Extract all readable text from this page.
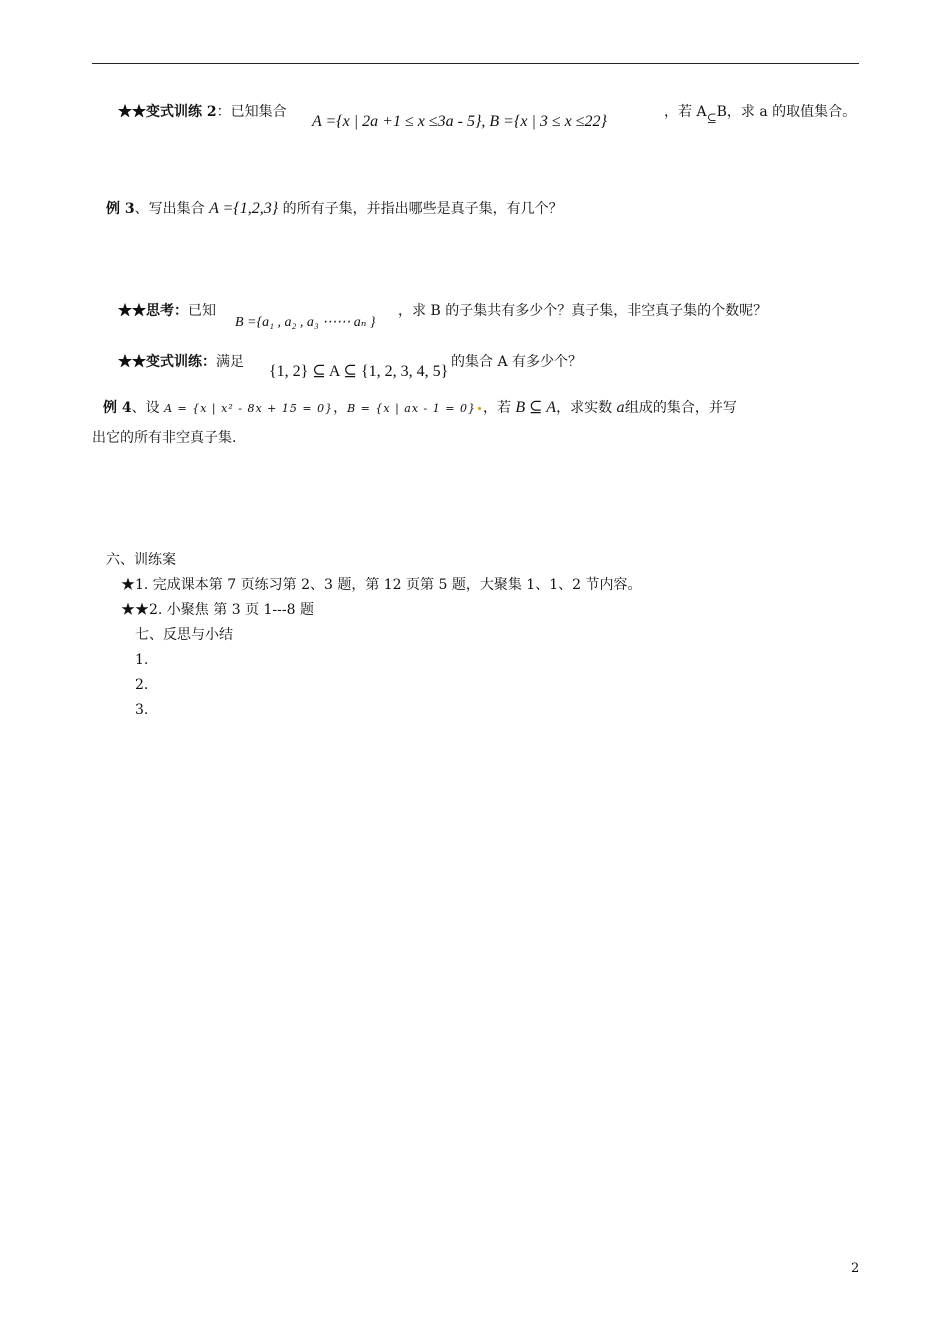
★★变式训练 2：已知集合
A ={x | 2a +1 ≤ x ≤3a - 5}, B ={x | 3 ≤ x ≤22}
，若 A⊆B，求 a 的取值集合。
例 3、写出集合 A ={1,2,3} 的所有子集，并指出哪些是真子集，有几个？
★★思考：已知
B ={a₁ , a₂ , a₃ ⋯⋯ aₙ }
，求 B 的子集共有多少个？真子集，非空真子集的个数呢？
★★变式训练：满足
{1, 2} ⊆ A ⊆ {1, 2, 3, 4, 5}
的集合 A 有多少个？
例 4、设 A = {x | x² - 8x + 15 = 0}，B = {x | ax - 1 = 0} ，若 B ⊆ A，求实数 a组成的集合，并写
出它的所有非空真子集.
六、训练案
★1. 完成课本第 7 页练习第 2、3 题，第 12 页第 5 题，大聚集 1、1、2 节内容。
★★2. 小聚焦 第 3 页 1---8 题
七、反思与小结
1.
2.
3.
2
